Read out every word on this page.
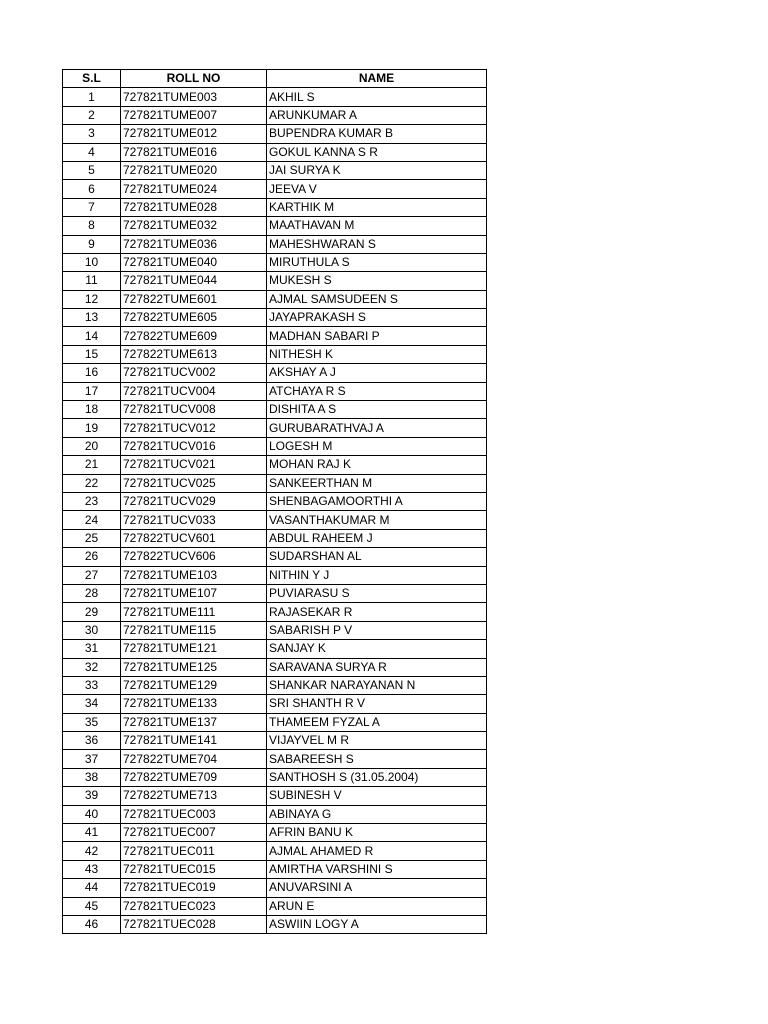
S.L	ROLL NO	NAME
1	727821TUME003	AKHIL S
2	727821TUME007	ARUNKUMAR A
3	727821TUME012	BUPENDRA KUMAR B
4	727821TUME016	GOKUL KANNA S R
5	727821TUME020	JAI SURYA K
6	727821TUME024	JEEVA V
7	727821TUME028	KARTHIK M
8	727821TUME032	MAATHAVAN M
9	727821TUME036	MAHESHWARAN S
10	727821TUME040	MIRUTHULA S
11	727821TUME044	MUKESH S
12	727822TUME601	AJMAL SAMSUDEEN S
13	727822TUME605	JAYAPRAKASH S
14	727822TUME609	MADHAN SABARI P
15	727822TUME613	NITHESH K
16	727821TUCV002	AKSHAY A J
17	727821TUCV004	ATCHAYA R S
18	727821TUCV008	DISHITA A S
19	727821TUCV012	GURUBARATHVAJ A
20	727821TUCV016	LOGESH M
21	727821TUCV021	MOHAN RAJ K
22	727821TUCV025	SANKEERTHAN M
23	727821TUCV029	SHENBAGAMOORTHI A
24	727821TUCV033	VASANTHAKUMAR M
25	727822TUCV601	ABDUL RAHEEM J
26	727822TUCV606	SUDARSHAN AL
27	727821TUME103	NITHIN Y J
28	727821TUME107	PUVIARASU S
29	727821TUME111	RAJASEKAR R
30	727821TUME115	SABARISH P V
31	727821TUME121	SANJAY K
32	727821TUME125	SARAVANA SURYA R
33	727821TUME129	SHANKAR NARAYANAN N
34	727821TUME133	SRI SHANTH R V
35	727821TUME137	THAMEEM FYZAL A
36	727821TUME141	VIJAYVEL M R
37	727822TUME704	SABAREESH S
38	727822TUME709	SANTHOSH S (31.05.2004)
39	727822TUME713	SUBINESH V
40	727821TUEC003	ABINAYA G
41	727821TUEC007	AFRIN BANU K
42	727821TUEC011	AJMAL AHAMED R
43	727821TUEC015	AMIRTHA VARSHINI S
44	727821TUEC019	ANUVARSINI A
45	727821TUEC023	ARUN E
46	727821TUEC028	ASWIIN LOGY A
